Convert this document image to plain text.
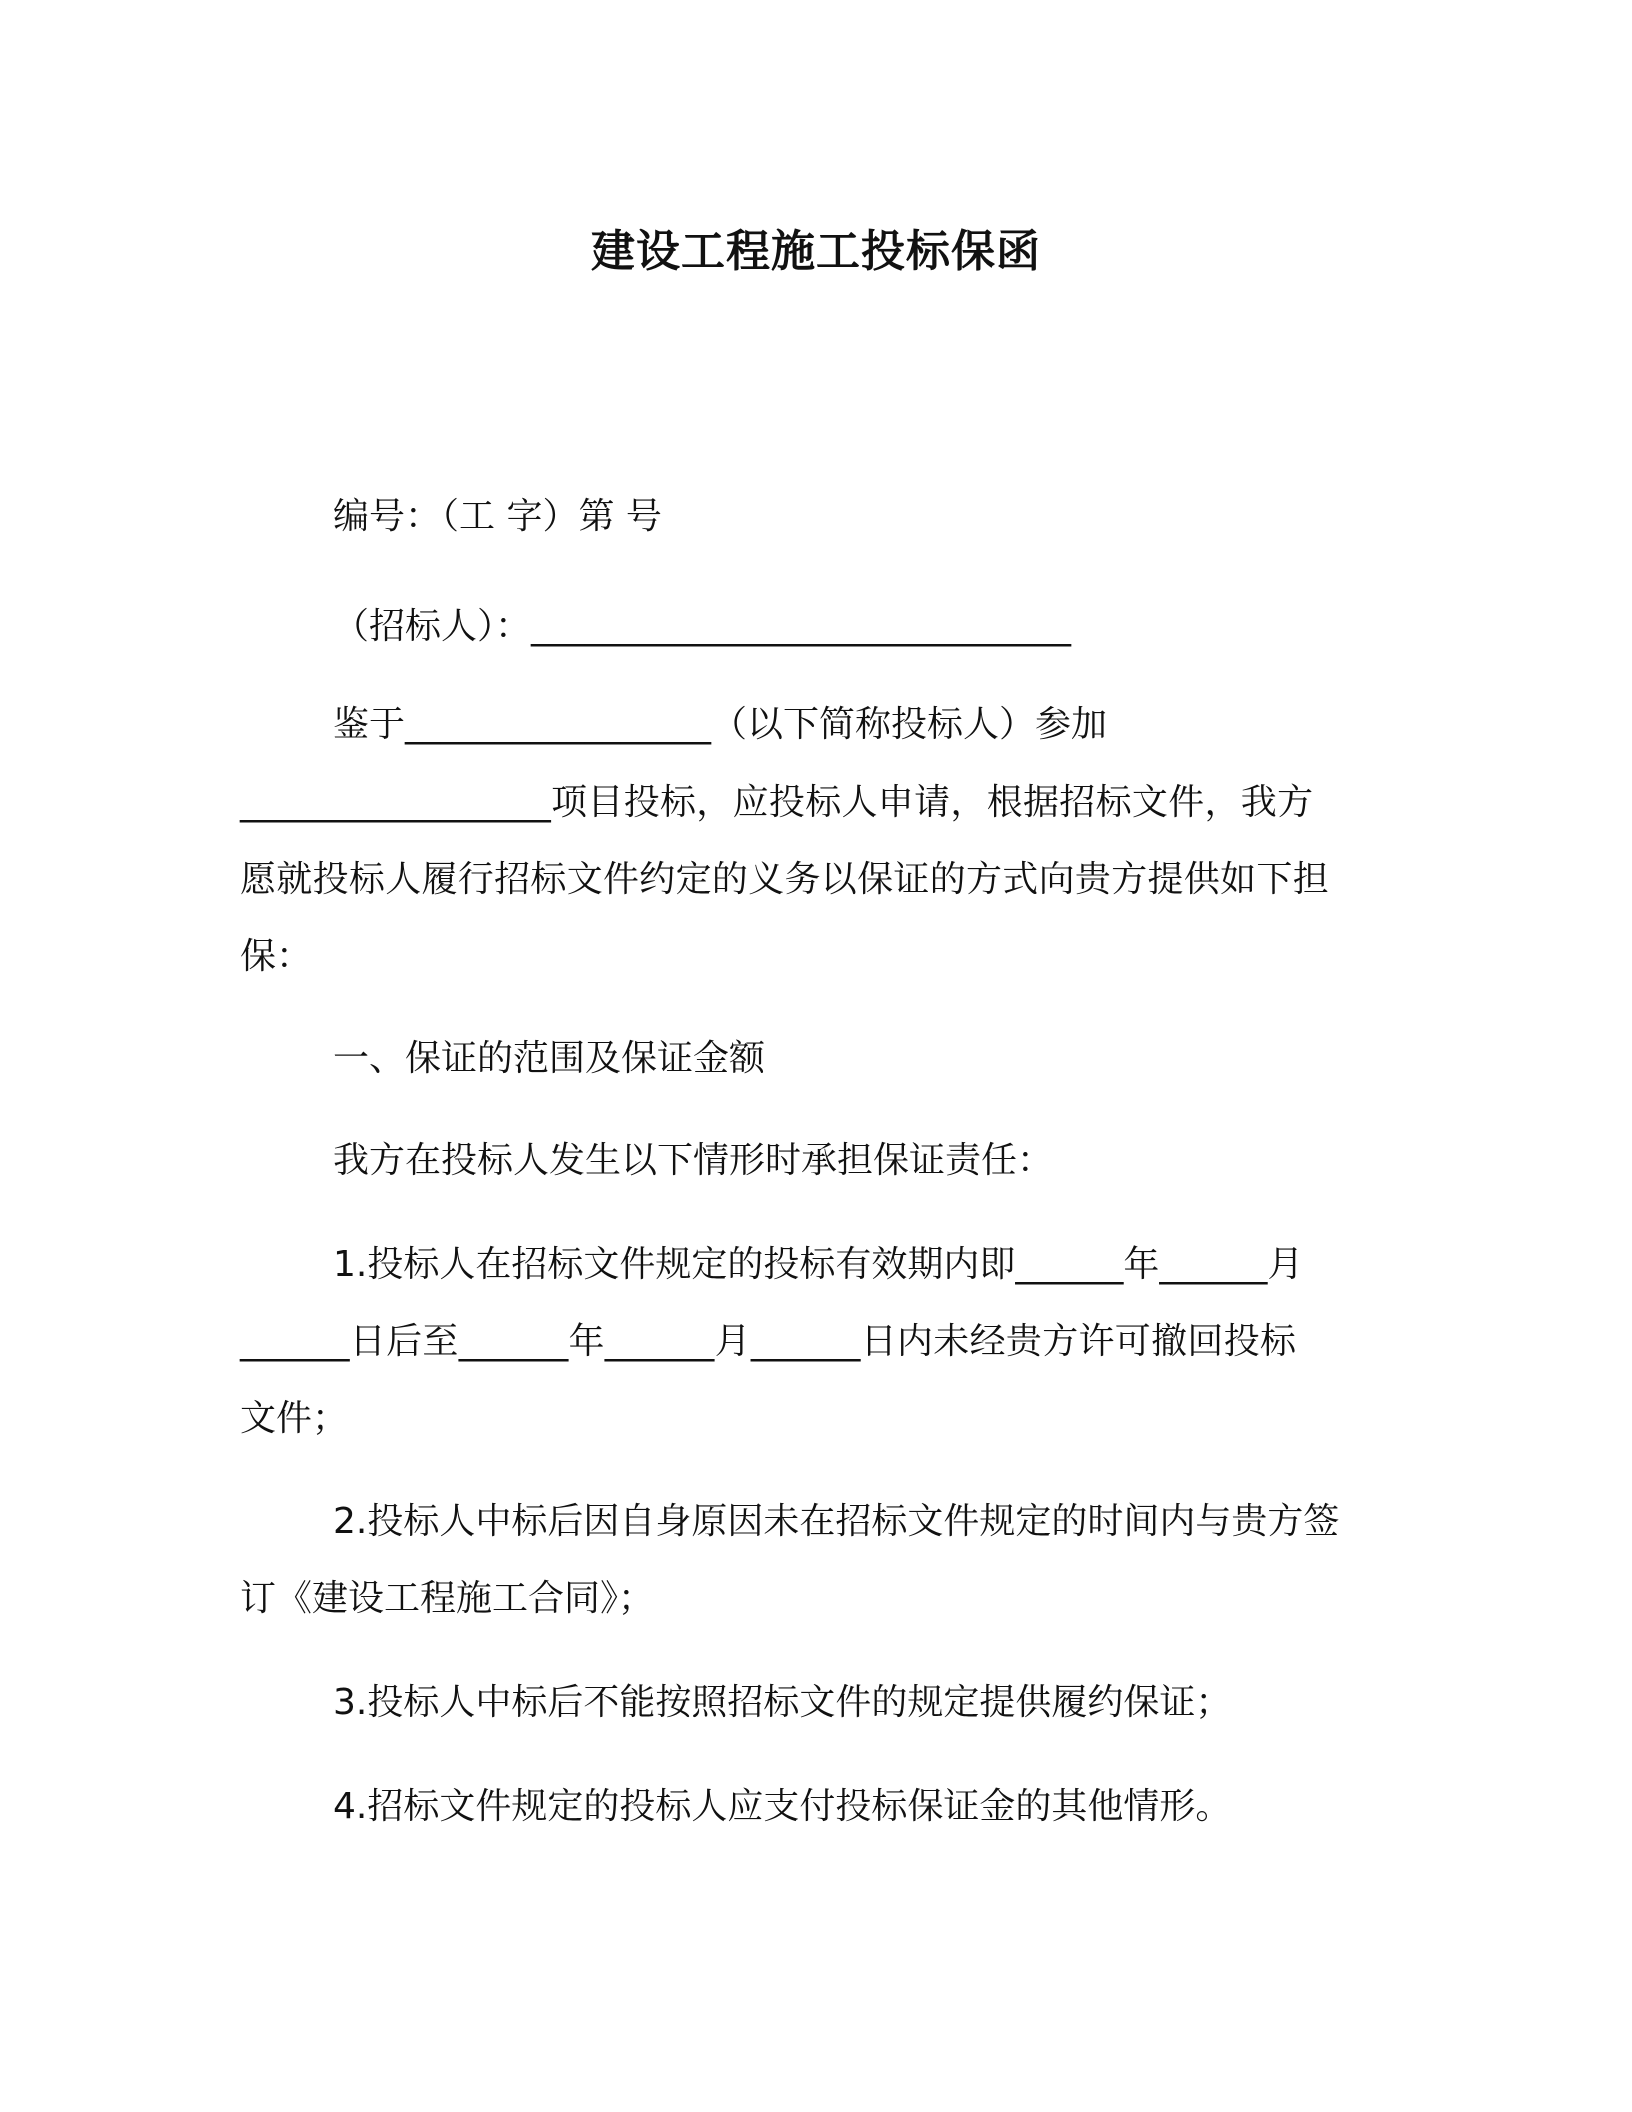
建设工程施工投标保函
编号：（工 字）第 号
（招标人）：______________________________
鉴于_________________（以下简称投标人）参加
_________________项目投标，应投标人申请，根据招标文件，我方
愿就投标人履行招标文件约定的义务以保证的方式向贵方提供如下担
保：
一、保证的范围及保证金额
我方在投标人发生以下情形时承担保证责任：
1.投标人在招标文件规定的投标有效期内即______年______月
______日后至______年______月______日内未经贵方许可撤回投标
文件；
2.投标人中标后因自身原因未在招标文件规定的时间内与贵方签
订《建设工程施工合同》；
3.投标人中标后不能按照招标文件的规定提供履约保证；
4.招标文件规定的投标人应支付投标保证金的其他情形。
